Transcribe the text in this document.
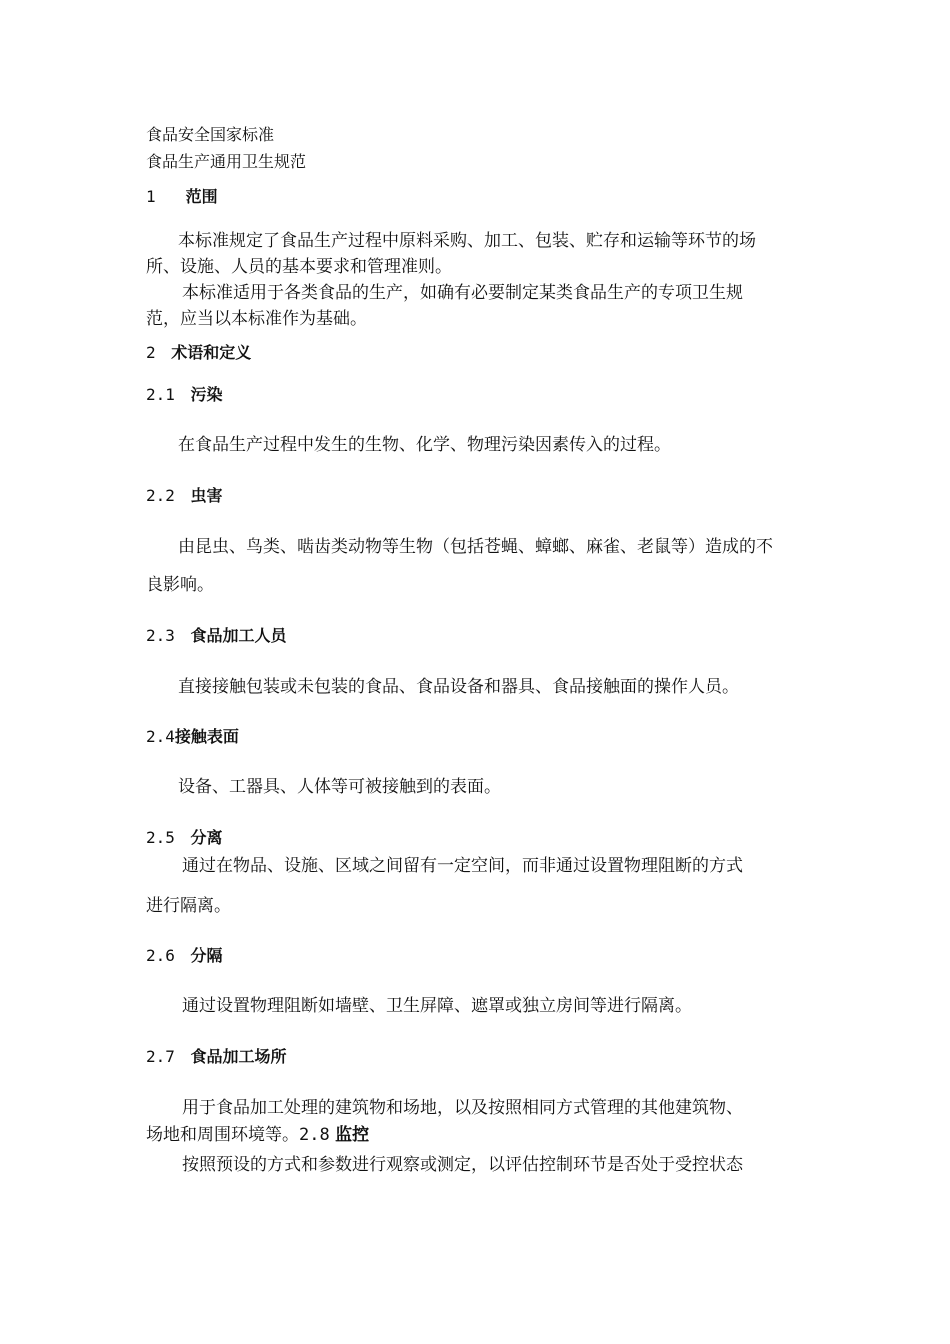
食品安全国家标准
食品生产通用卫生规范
1 范围
本标准规定了食品生产过程中原料采购、加工、包装、贮存和运输等环节的场
所、设施、人员的基本要求和管理准则。
本标准适用于各类食品的生产，如确有必要制定某类食品生产的专项卫生规
范，应当以本标准作为基础。
2 术语和定义
2.1 污染
在食品生产过程中发生的生物、化学、物理污染因素传入的过程。
2.2 虫害
由昆虫、鸟类、啮齿类动物等生物（包括苍蝇、蟑螂、麻雀、老鼠等）造成的不
良影响。
2.3 食品加工人员
直接接触包装或未包装的食品、食品设备和器具、食品接触面的操作人员。
2.4接触表面
设备、工器具、人体等可被接触到的表面。
2.5 分离
通过在物品、设施、区域之间留有一定空间，而非通过设置物理阻断的方式
进行隔离。
2.6 分隔
通过设置物理阻断如墙壁、卫生屏障、遮罩或独立房间等进行隔离。
2.7 食品加工场所
用于食品加工处理的建筑物和场地，以及按照相同方式管理的其他建筑物、
场地和周围环境等。2.8 监控
按照预设的方式和参数进行观察或测定，以评估控制环节是否处于受控状态
